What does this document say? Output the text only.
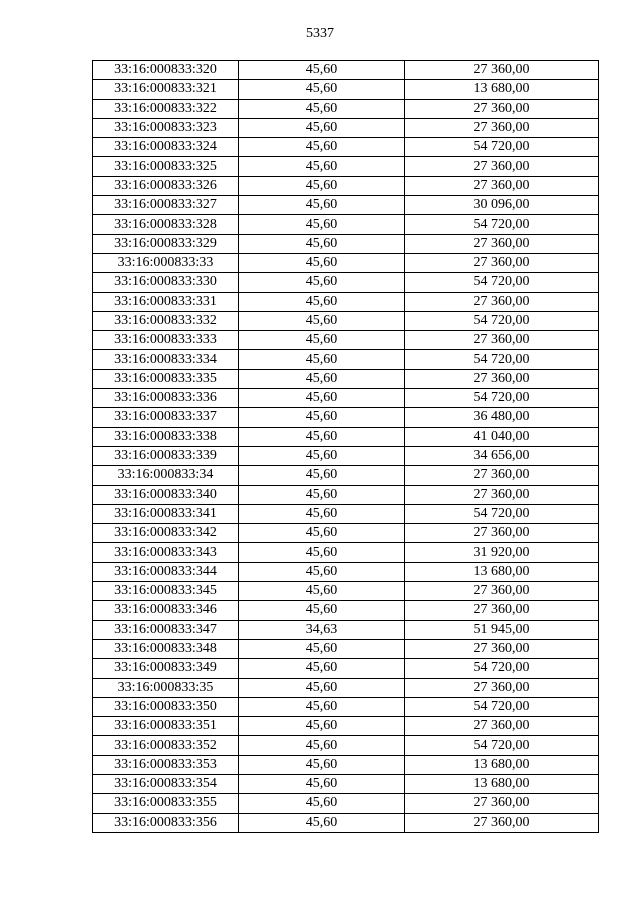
5337
33:16:000833:320	45,60	27 360,00
33:16:000833:321	45,60	13 680,00
33:16:000833:322	45,60	27 360,00
33:16:000833:323	45,60	27 360,00
33:16:000833:324	45,60	54 720,00
33:16:000833:325	45,60	27 360,00
33:16:000833:326	45,60	27 360,00
33:16:000833:327	45,60	30 096,00
33:16:000833:328	45,60	54 720,00
33:16:000833:329	45,60	27 360,00
33:16:000833:33	45,60	27 360,00
33:16:000833:330	45,60	54 720,00
33:16:000833:331	45,60	27 360,00
33:16:000833:332	45,60	54 720,00
33:16:000833:333	45,60	27 360,00
33:16:000833:334	45,60	54 720,00
33:16:000833:335	45,60	27 360,00
33:16:000833:336	45,60	54 720,00
33:16:000833:337	45,60	36 480,00
33:16:000833:338	45,60	41 040,00
33:16:000833:339	45,60	34 656,00
33:16:000833:34	45,60	27 360,00
33:16:000833:340	45,60	27 360,00
33:16:000833:341	45,60	54 720,00
33:16:000833:342	45,60	27 360,00
33:16:000833:343	45,60	31 920,00
33:16:000833:344	45,60	13 680,00
33:16:000833:345	45,60	27 360,00
33:16:000833:346	45,60	27 360,00
33:16:000833:347	34,63	51 945,00
33:16:000833:348	45,60	27 360,00
33:16:000833:349	45,60	54 720,00
33:16:000833:35	45,60	27 360,00
33:16:000833:350	45,60	54 720,00
33:16:000833:351	45,60	27 360,00
33:16:000833:352	45,60	54 720,00
33:16:000833:353	45,60	13 680,00
33:16:000833:354	45,60	13 680,00
33:16:000833:355	45,60	27 360,00
33:16:000833:356	45,60	27 360,00
